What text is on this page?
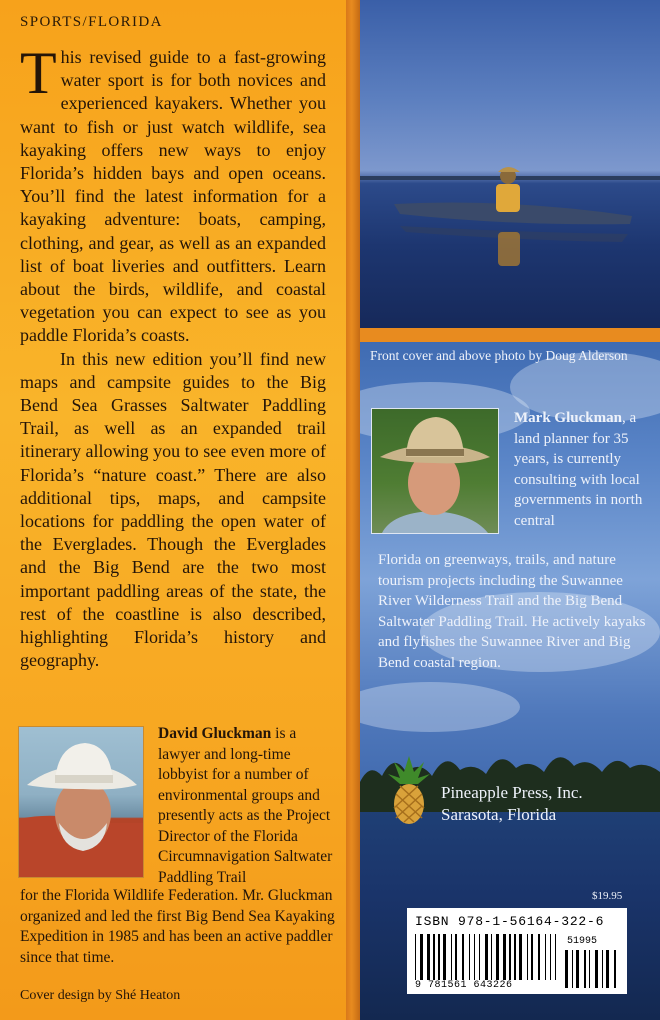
SPORTS/FLORIDA

This revised guide to a fast-growing water sport is for both novices and experienced kayakers. Whether you want to fish or just watch wildlife, sea kayaking offers new ways to enjoy Florida’s hidden bays and open oceans. You’ll find the latest information for a kayaking adventure: boats, camping, clothing, and gear, as well as an expanded list of boat liveries and outfitters. Learn about the birds, wildlife, and coastal vegetation you can expect to see as you paddle Florida’s coasts.

In this new edition you’ll find new maps and campsite guides to the Big Bend Sea Grasses Saltwater Paddling Trail, as well as an expanded trail itinerary allowing you to see even more of Florida’s “nature coast.” There are also additional tips, maps, and campsite locations for paddling the open water of the Everglades. Though the Everglades and the Big Bend are the two most important paddling areas of the state, the rest of the coastline is also described, highlighting Florida’s history and geography.

David Gluckman is a lawyer and long-time lobbyist for a number of environmental groups and presently acts as the Project Director of the Florida Circumnavigation Saltwater Paddling Trail
for the Florida Wildlife Federation. Mr. Gluckman organized and led the first Big Bend Sea Kayaking Expedition in 1985 and has been an active paddler since that time.
Cover design by Shé Heaton
Front cover and above photo by Doug Alderson
Mark Gluckman, a land planner for 35 years, is currently consulting with local governments in north central
Florida on greenways, trails, and nature tourism projects including the Suwannee River Wilderness Trail and the Big Bend Saltwater Paddling Trail. He actively kayaks and flyfishes the Suwannee River and Big Bend coastal region.
Pineapple Press, Inc.
Sarasota, Florida
$19.95
ISBN 978-1-56164-322-6
9 781561 643226
51995
